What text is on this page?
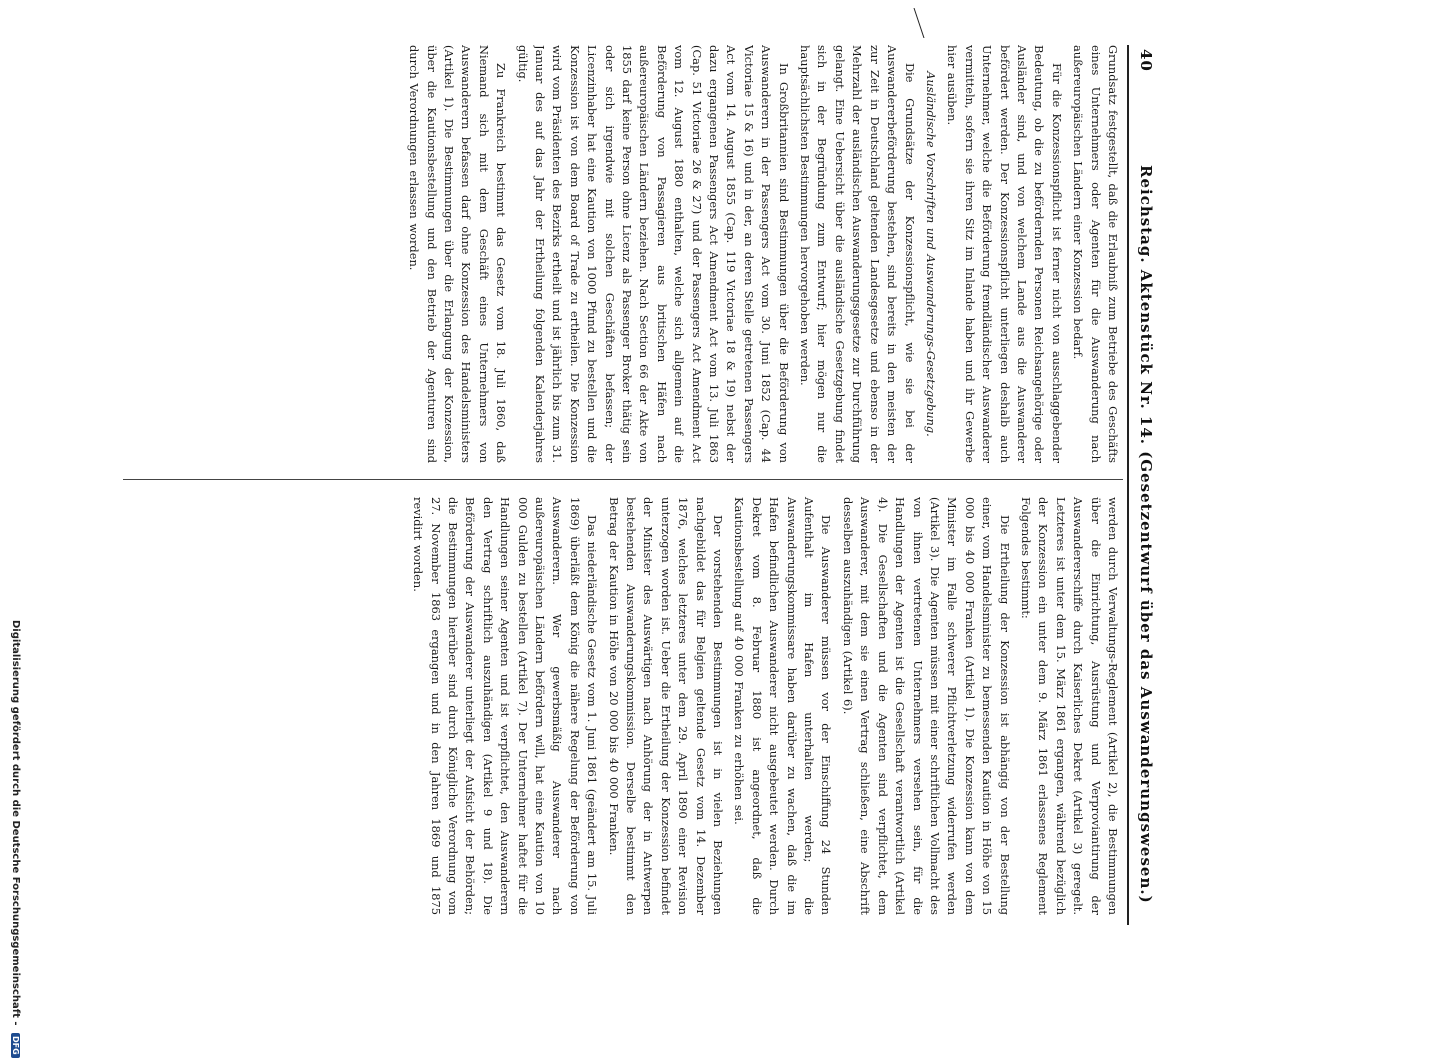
40
Reichstag. Aktenstück Nr. 14. (Gesetzentwurf über das Auswanderungswesen.)

Grundsatz festgestellt, daß die Erlaubniß zum Betriebe des Geschäfts eines Unternehmers oder Agenten für die Auswanderung nach außereuropäischen Ländern einer Konzession bedarf.

Für die Konzessionspflicht ist ferner nicht von ausschlaggebender Bedeutung, ob die zu befördernden Personen Reichsangehörige oder Ausländer sind, und von welchem Lande aus die Auswanderer befördert werden. Der Konzessionspflicht unterliegen deshalb auch Unternehmer, welche die Beförderung fremdländischer Auswanderer vermitteln, sofern sie ihren Sitz im Inlande haben und ihr Gewerbe hier ausüben.

Ausländische Vorschriften und Auswanderungs-Gesetzgebung.

Die Grundsätze der Konzessionspflicht, wie sie bei der Auswandererbeförderung bestehen, sind bereits in den meisten der zur Zeit in Deutschland geltenden Landesgesetze und ebenso in der Mehrzahl der ausländischen Auswanderungsgesetze zur Durchführung gelangt. Eine Uebersicht über die ausländische Gesetzgebung findet sich in der Begründung zum Entwurf; hier mögen nur die hauptsächlichsten Bestimmungen hervorgehoben werden.

In Großbritannien sind Bestimmungen über die Beförderung von Auswanderern in der Passengers Act vom 30. Juni 1852 (Cap. 44 Victoriae 15 & 16) und in der, an deren Stelle getretenen Passengers Act vom 14. August 1855 (Cap. 119 Victoriae 18 & 19) nebst der dazu ergangenen Passengers Act Amendment Act vom 13. Juli 1863 (Cap. 51 Victoriae 26 & 27) und der Passengers Act Amendment Act vom 12. August 1880 enthalten, welche sich allgemein auf die Beförderung von Passagieren aus britischen Häfen nach außereuropäischen Ländern beziehen. Nach Section 66 der Akte von 1855 darf keine Person ohne Licenz als Passenger Broker thätig sein oder sich irgendwie mit solchen Geschäften befassen; der Licenzinhaber hat eine Kaution von 1000 Pfund zu bestellen und die Konzession ist von dem Board of Trade zu ertheilen. Die Konzession wird vom Präsidenten des Bezirks ertheilt und ist jährlich bis zum 31. Januar des auf das Jahr der Ertheilung folgenden Kalenderjahres gültig.

Zu Frankreich bestimmt das Gesetz vom 18. Juli 1860, daß Niemand sich mit dem Geschäft eines Unternehmers von Auswanderern befassen darf ohne Konzession des Handelsministers (Artikel 1). Die Bestimmungen über die Erlangung der Konzession, über die Kautionsbestellung und den Betrieb der Agenturen sind durch Verordnungen erlassen worden.

werden durch Verwaltungs-Reglement (Artikel 2), die Bestimmungen über die Einrichtung, Ausrüstung und Verproviantirung der Auswandererschiffe durch Kaiserliches Dekret (Artikel 3) geregelt. Letzteres ist unter dem 15. März 1861 ergangen, während bezüglich der Konzession ein unter dem 9. März 1861 erlassenes Reglement Folgendes bestimmt:

Die Ertheilung der Konzession ist abhängig von der Bestellung einer, vom Handelsminister zu bemessenden Kaution in Höhe von 15 000 bis 40 000 Franken (Artikel 1). Die Konzession kann von dem Minister im Falle schwerer Pflichtverletzung widerrufen werden (Artikel 3). Die Agenten müssen mit einer schriftlichen Vollmacht des von ihnen vertretenen Unternehmers versehen sein, für die Handlungen der Agenten ist die Gesellschaft verantwortlich (Artikel 4). Die Gesellschaften und die Agenten sind verpflichtet, dem Auswanderer, mit dem sie einen Vertrag schließen, eine Abschrift desselben auszuhändigen (Artikel 6).

Die Auswanderer müssen vor der Einschiffung 24 Stunden Aufenthalt im Hafen unterhalten werden; die Auswanderungskommissare haben darüber zu wachen, daß die im Hafen befindlichen Auswanderer nicht ausgebeutet werden. Durch Dekret vom 8. Februar 1880 ist angeordnet, daß die Kautionsbestellung auf 40 000 Franken zu erhöhen sei.

Der vorstehenden Bestimmungen ist in vielen Beziehungen nachgebildet das für Belgien geltende Gesetz vom 14. Dezember 1876, welches letzteres unter dem 29. April 1890 einer Revision unterzogen worden ist. Ueber die Ertheilung der Konzession befindet der Minister des Auswärtigen nach Anhörung der in Antwerpen bestehenden Auswanderungskommission. Derselbe bestimmt den Betrag der Kaution in Höhe von 20 000 bis 40 000 Franken.

Das niederländische Gesetz vom 1. Juni 1861 (geändert am 15. Juli 1869) überläßt dem König die nähere Regelung der Beförderung von Auswanderern. Wer gewerbsmäßig Auswanderer nach außereuropäischen Ländern befördern will, hat eine Kaution von 10 000 Gulden zu bestellen (Artikel 7). Der Unternehmer haftet für die Handlungen seiner Agenten und ist verpflichtet, den Auswanderern den Vertrag schriftlich auszuhändigen (Artikel 9 und 18). Die Beförderung der Auswanderer unterliegt der Aufsicht der Behörden; die Bestimmungen hierüber sind durch Königliche Verordnung vom 27. November 1863 ergangen und in den Jahren 1869 und 1875 revidirt worden.

Digitalisierung gefördert durch die Deutsche Forschungsgemeinschaft - DFG
